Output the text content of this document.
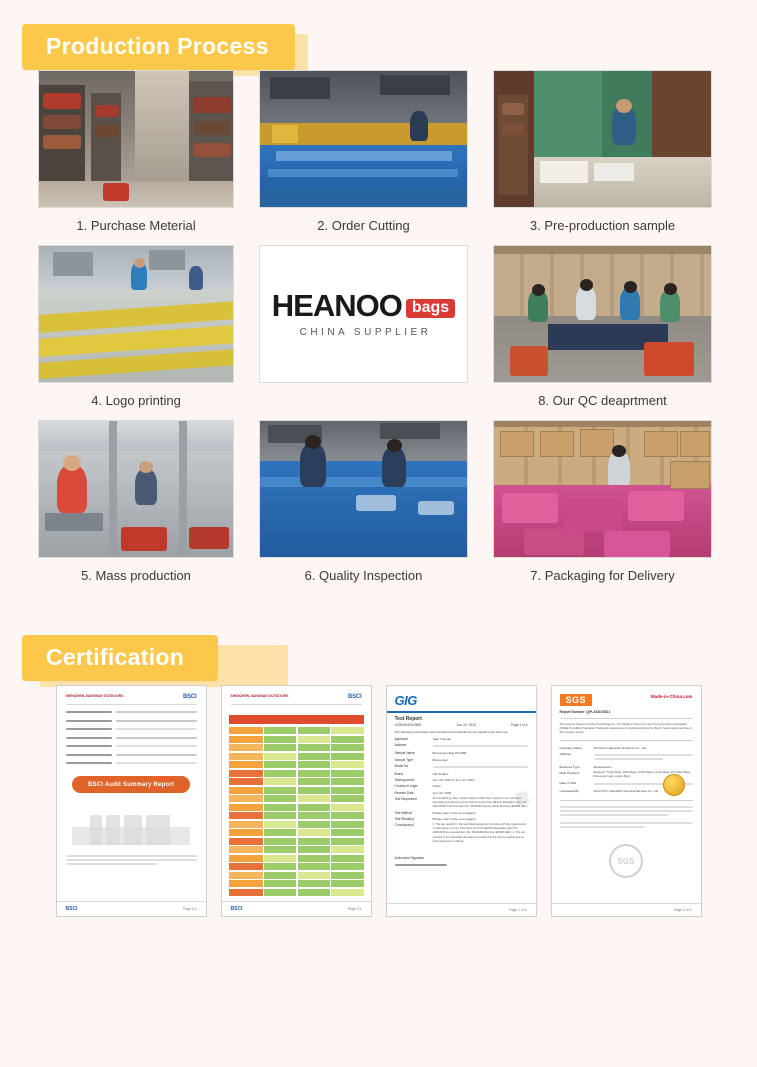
Production Process
1. Purchase Meterial	2. Order Cutting	3. Pre-production sample
4. Logo printing
HEANOO bags
CHINA SUPPLIER
8. Our QC deaprtment
5. Mass production	6. Quality Inspection	7. Packaging for Delivery
Certification
SHENZHEN JIANGNAN OUTDOORS	BSCI
BSCI Audit Summary Report
BSCI	Page 1/1
SHENZHEN JIANGNAN OUTDOORS	BSCI
BSCI	Page 1/1
GIG
Test Report
G15040161943BN	Jun. 24, 2015	Page 1 of 4
The following information was submitted and identified by/on behalf of the client as:
Applicant	Toan Transtel
Address
Sample Name	Messenger Bag PC1088
Sample Type	Messenger
Model No.
Brand	Gift Textiles
Testing period	Jun. 20, 2015 to Jun. 24, 2015
Country of origin	China
Receive Date	Jun. 20, 2015
Test Requested	As submitted by client, determination of AZO dyes content in the submitted sample(s) according to Annex XVII items 43 of the REACH Regulation (EC) No. 1907/2006 & directive (EC) No. 552/2009 (Apolity Nitrile Directive (EN208 HEC)
Test Method	Please refer to the next page(s)
Test Result(s)	Please refer to the next page(s)
Conclusion(s)	1. The test result(s) in the submitted sample(s) Complies with the requirements on AZO dyes in Annex XVII items 43 of the REACH Regulation (EC) No. 1907/2006 & amended (EC) No. 552/2009 Directive (EN208 HEC). 2. The test result(s) in the submitted sample(s) Complies with the client's requirement on Color Fastness to rubbing.
Authorized Signature
■

Page 1 of 4
SGS	Made-in-China.com
Report Number: QIP-ASI107821
This report is issued to Foshan Technology Co., Ltd. (Made-in-China.com) and the supervising investigation (MADE-IN-CHINA) Standards Trademark Assessment of products and Exports, Brand, Senior and enterprise of SN company scores.
Company Name	Shenzhen Jiangnan Outdoors Co., Ltd.
Address
Business Type	Manufacturer
Main Products	Backpack, Trolley Bags, Waist Bags, School Bags, Cooler Bags, Promotion Bags, Messenger bags, Laptop Bags
Date of Visit
Conducted By	SGS-CSTC Standards Technical Services Co., Ltd.
SGS

Page 1 of 1
